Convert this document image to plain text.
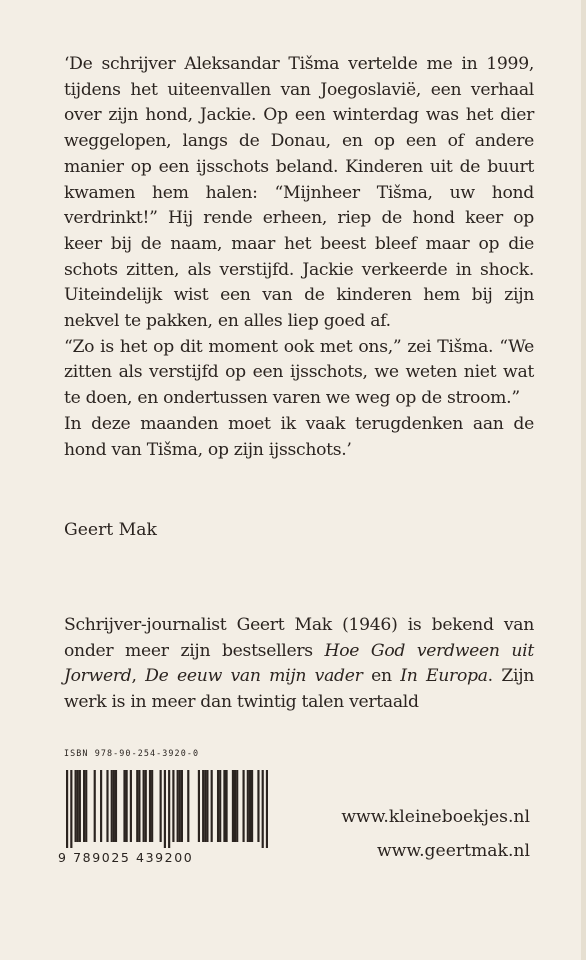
‘De schrijver Aleksandar Tišma vertelde me in 1999, tijdens het uiteenvallen van Joegoslavië, een verhaal over zijn hond, Jackie. Op een winterdag was het dier weggelopen, langs de Donau, en op een of andere manier op een ijsschots beland. Kinderen uit de buurt kwamen hem halen: “Mijnheer Tišma, uw hond verdrinkt!” Hij rende erheen, riep de hond keer op keer bij de naam, maar het beest bleef maar op die schots zitten, als verstijfd. Jackie verkeerde in shock. Uiteindelijk wist een van de kinderen hem bij zijn nekvel te pakken, en alles liep goed af.

“Zo is het op dit moment ook met ons,” zei Tišma. “We zitten als verstijfd op een ijsschots, we weten niet wat te doen, en ondertussen varen we weg op de stroom.”

In deze maanden moet ik vaak terugdenken aan de hond van Tišma, op zijn ijsschots.’

Geert Mak

Schrijver-journalist Geert Mak (1946) is bekend van onder meer zijn bestsellers Hoe God verdween uit Jorwerd, De eeuw van mijn vader en In Europa. Zijn werk is in meer dan twintig talen vertaald

ISBN 978-90-254-3920-0
9 789025 439200
www.kleineboekjes.nl
www.geertmak.nl
